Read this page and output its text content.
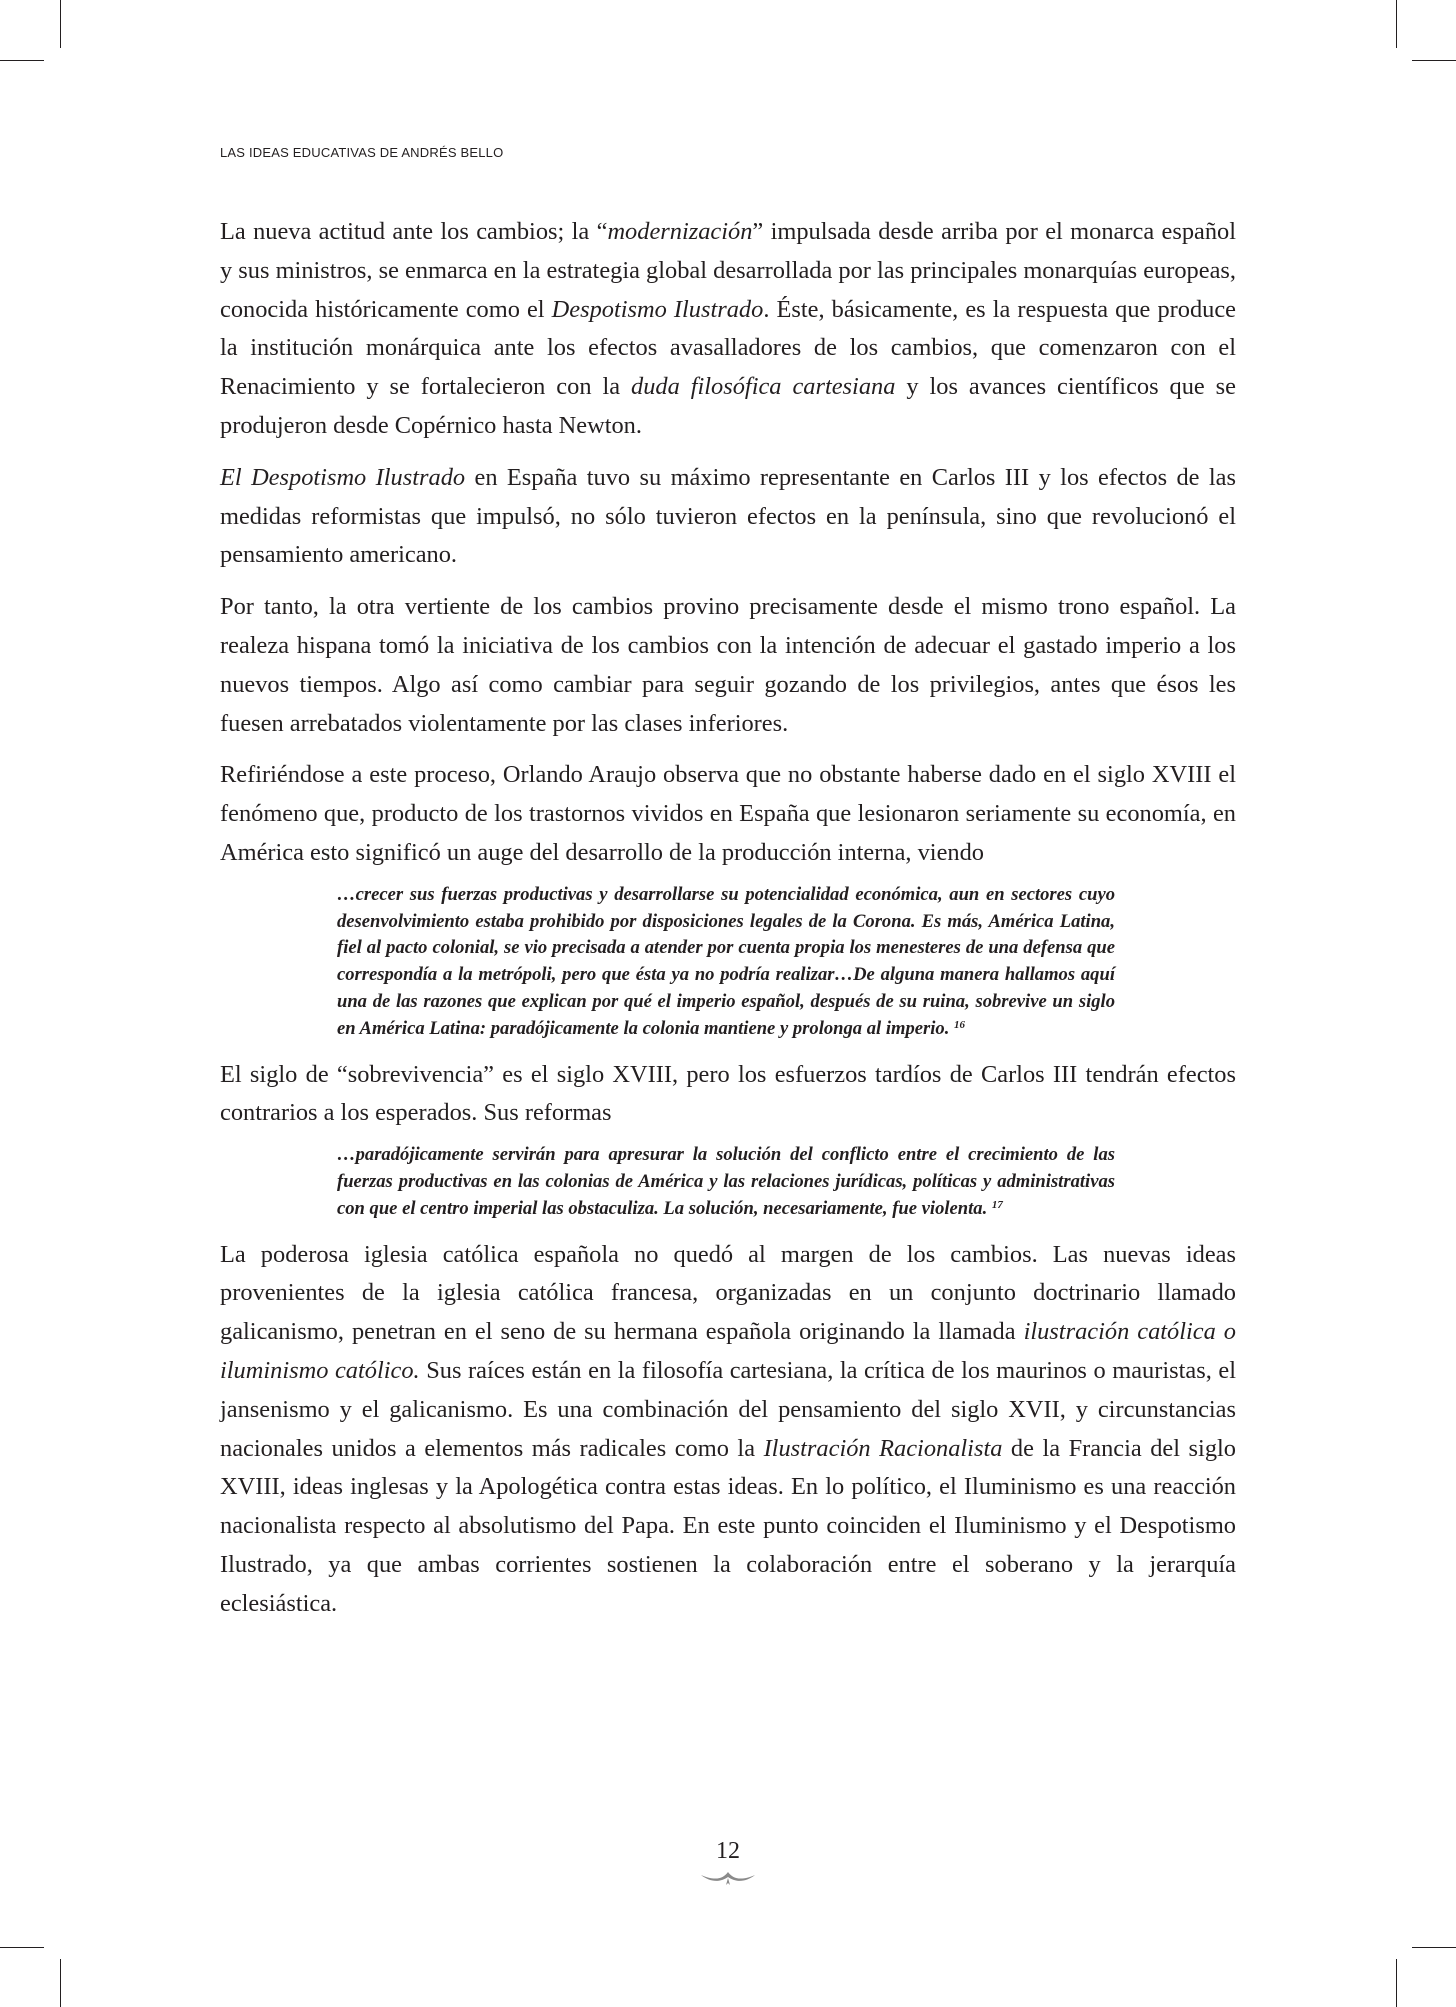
LAS IDEAS EDUCATIVAS DE ANDRÉS BELLO

La nueva actitud ante los cambios; la “modernización” impulsada desde arriba por el monarca español y sus ministros, se enmarca en la estrategia global desarrollada por las principales monarquías europeas, conocida históricamente como el Despotismo Ilustrado. Éste, básicamente, es la respuesta que produce la institución monárquica ante los efectos avasalladores de los cambios, que comenzaron con el Renacimiento y se fortalecieron con la duda filosófica cartesiana y los avances científicos que se produjeron desde Copérnico hasta Newton.

El Despotismo Ilustrado en España tuvo su máximo representante en Carlos III y los efectos de las medidas reformistas que impulsó, no sólo tuvieron efectos en la península, sino que revolucionó el pensamiento americano.

Por tanto, la otra vertiente de los cambios provino precisamente desde el mismo trono español. La realeza hispana tomó la iniciativa de los cambios con la intención de adecuar el gastado imperio a los nuevos tiempos. Algo así como cambiar para seguir gozando de los privilegios, antes que ésos les fuesen arrebatados violentamente por las clases inferiores.

Refiriéndose a este proceso, Orlando Araujo observa que no obstante haberse dado en el siglo XVIII el fenómeno que, producto de los trastornos vividos en España que lesionaron seriamente su economía, en América esto significó un auge del desarrollo de la producción interna, viendo

…crecer sus fuerzas productivas y desarrollarse su potencialidad económica, aun en sectores cuyo desenvolvimiento estaba prohibido por disposiciones legales de la Corona. Es más, América Latina, fiel al pacto colonial, se vio precisada a atender por cuenta propia los menesteres de una defensa que correspondía a la metrópoli, pero que ésta ya no podría realizar…De alguna manera hallamos aquí una de las razones que explican por qué el imperio español, después de su ruina, sobrevive un siglo en América Latina: paradójicamente la colonia mantiene y prolonga al imperio. $^{16}$

El siglo de “sobrevivencia” es el siglo XVIII, pero los esfuerzos tardíos de Carlos III tendrán efectos contrarios a los esperados. Sus reformas

…paradójicamente servirán para apresurar la solución del conflicto entre el crecimiento de las fuerzas productivas en las colonias de América y las relaciones jurídicas, políticas y administrativas con que el centro imperial las obstaculiza. La solución, necesariamente, fue violenta. $^{17}$

La poderosa iglesia católica española no quedó al margen de los cambios. Las nuevas ideas provenientes de la iglesia católica francesa, organizadas en un conjunto doctrinario llamado galicanismo, penetran en el seno de su hermana española originando la llamada ilustración católica o iluminismo católico. Sus raíces están en la filosofía cartesiana, la crítica de los maurinos o mauristas, el jansenismo y el galicanismo. Es una combinación del pensamiento del siglo XVII, y circunstancias nacionales unidos a elementos más radicales como la Ilustración Racionalista de la Francia del siglo XVIII, ideas inglesas y la Apologética contra estas ideas. En lo político, el Iluminismo es una reacción nacionalista respecto al absolutismo del Papa. En este punto coinciden el Iluminismo y el Despotismo Ilustrado, ya que ambas corrientes sostienen la colaboración entre el soberano y la jerarquía eclesiástica.

12
